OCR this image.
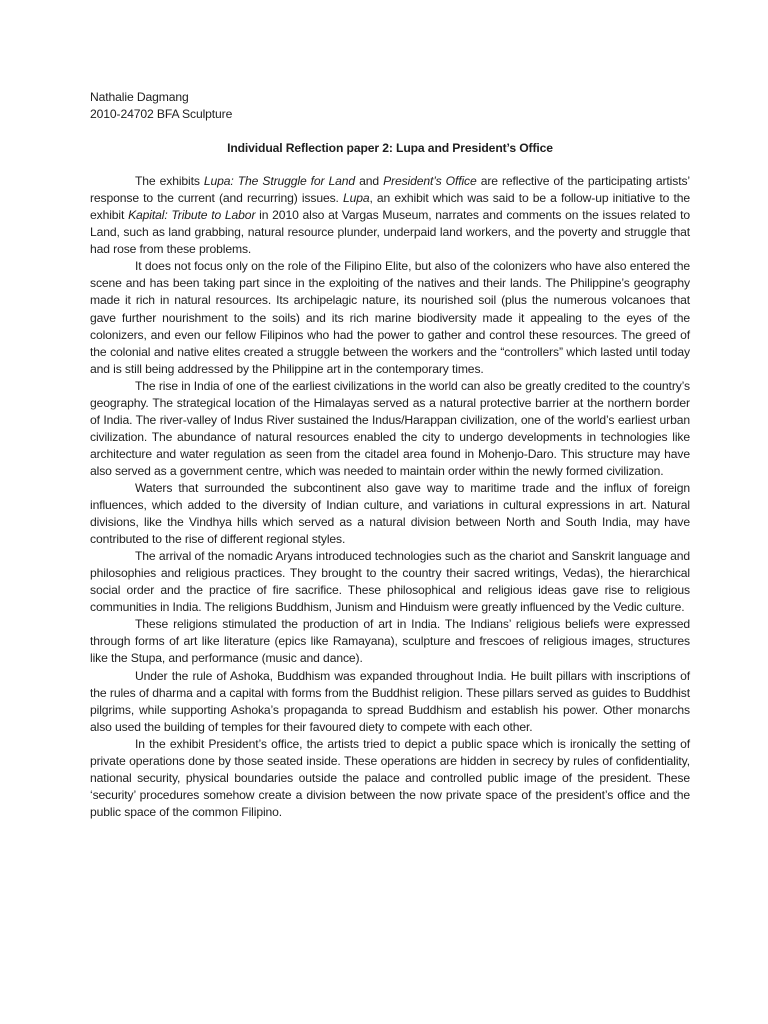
Nathalie Dagmang

2010-24702 BFA Sculpture

Individual Reflection paper 2: Lupa and President’s Office

The exhibits Lupa: The Struggle for Land and President’s Office are reflective of the participating artists’ response to the current (and recurring) issues. Lupa, an exhibit which was said to be a follow-up initiative to the exhibit Kapital: Tribute to Labor in 2010 also at Vargas Museum, narrates and comments on the issues related to Land, such as land grabbing, natural resource plunder, underpaid land workers, and the poverty and struggle that had rose from these problems.

It does not focus only on the role of the Filipino Elite, but also of the colonizers who have also entered the scene and has been taking part since in the exploiting of the natives and their lands. The Philippine’s geography made it rich in natural resources. Its archipelagic nature, its nourished soil (plus the numerous volcanoes that gave further nourishment to the soils) and its rich marine biodiversity made it appealing to the eyes of the colonizers, and even our fellow Filipinos who had the power to gather and control these resources. The greed of the colonial and native elites created a struggle between the workers and the “controllers” which lasted until today and is still being addressed by the Philippine art in the contemporary times.

The rise in India of one of the earliest civilizations in the world can also be greatly credited to the country’s geography. The strategical location of the Himalayas served as a natural protective barrier at the northern border of India. The river-valley of Indus River sustained the Indus/Harappan civilization, one of the world’s earliest urban civilization. The abundance of natural resources enabled the city to undergo developments in technologies like architecture and water regulation as seen from the citadel area found in Mohenjo-Daro. This structure may have also served as a government centre, which was needed to maintain order within the newly formed civilization.

Waters that surrounded the subcontinent also gave way to maritime trade and the influx of foreign influences, which added to the diversity of Indian culture, and variations in cultural expressions in art. Natural divisions, like the Vindhya hills which served as a natural division between North and South India, may have contributed to the rise of different regional styles.

The arrival of the nomadic Aryans introduced technologies such as the chariot and Sanskrit language and philosophies and religious practices. They brought to the country their sacred writings, Vedas), the hierarchical social order and the practice of fire sacrifice. These philosophical and religious ideas gave rise to religious communities in India. The religions Buddhism, Junism and Hinduism were greatly influenced by the Vedic culture.

These religions stimulated the production of art in India. The Indians’ religious beliefs were expressed through forms of art like literature (epics like Ramayana), sculpture and frescoes of religious images, structures like the Stupa, and performance (music and dance).

Under the rule of Ashoka, Buddhism was expanded throughout India. He built pillars with inscriptions of the rules of dharma and a capital with forms from the Buddhist religion. These pillars served as guides to Buddhist pilgrims, while supporting Ashoka’s propaganda to spread Buddhism and establish his power. Other monarchs also used the building of temples for their favoured diety to compete with each other.

In the exhibit President’s office, the artists tried to depict a public space which is ironically the setting of private operations done by those seated inside. These operations are hidden in secrecy by rules of confidentiality, national security, physical boundaries outside the palace and controlled public image of the president. These ‘security’ procedures somehow create a division between the now private space of the president’s office and the public space of the common Filipino.
